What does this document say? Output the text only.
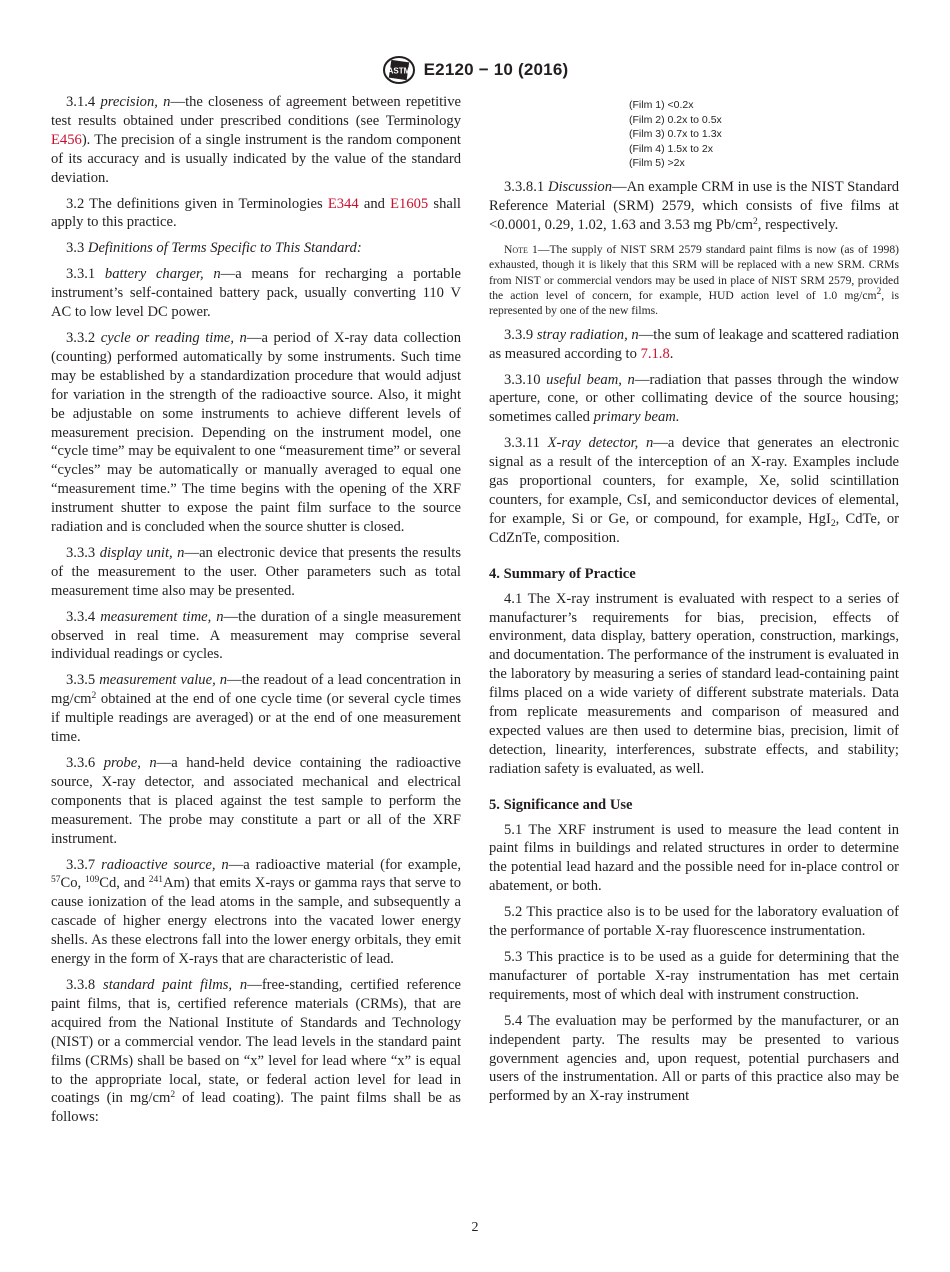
ASTM E2120 − 10 (2016)

3.1.4 precision, n—the closeness of agreement between repetitive test results obtained under prescribed conditions (see Terminology E456). The precision of a single instrument is the random component of its accuracy and is usually indicated by the value of the standard deviation.

3.2 The definitions given in Terminologies E344 and E1605 shall apply to this practice.

3.3 Definitions of Terms Specific to This Standard:

3.3.1 battery charger, n—a means for recharging a portable instrument’s self-contained battery pack, usually converting 110 V AC to low level DC power.

3.3.2 cycle or reading time, n—a period of X-ray data collection (counting) performed automatically by some instruments. Such time may be established by a standardization procedure that would adjust for variation in the strength of the radioactive source. Also, it might be adjustable on some instruments to achieve different levels of measurement precision. Depending on the instrument model, one “cycle time” may be equivalent to one “measurement time” or several “cycles” may be automatically or manually averaged to equal one “measurement time.” The time begins with the opening of the XRF instrument shutter to expose the paint film surface to the source radiation and is concluded when the source shutter is closed.

3.3.3 display unit, n—an electronic device that presents the results of the measurement to the user. Other parameters such as total measurement time also may be presented.

3.3.4 measurement time, n—the duration of a single measurement observed in real time. A measurement may comprise several individual readings or cycles.

3.3.5 measurement value, n—the readout of a lead concentration in $mg/cm^2$ obtained at the end of one cycle time (or several cycle times if multiple readings are averaged) or at the end of one measurement time.

3.3.6 probe, n—a hand-held device containing the radioactive source, X-ray detector, and associated mechanical and electrical components that is placed against the test sample to perform the measurement. The probe may constitute a part or all of the XRF instrument.

3.3.7 radioactive source, n—a radioactive material (for example, $^{57}$Co, $^{109}$Cd, and $^{241}$Am) that emits X-rays or gamma rays that serve to cause ionization of the lead atoms in the sample, and subsequently a cascade of higher energy electrons into the vacated lower energy shells. As these electrons fall into the lower energy orbitals, they emit energy in the form of X-rays that are characteristic of lead.

3.3.8 standard paint films, n—free-standing, certified reference paint films, that is, certified reference materials (CRMs), that are acquired from the National Institute of Standards and Technology (NIST) or a commercial vendor. The lead levels in the standard paint films (CRMs) shall be based on “x” level for lead where “x” is equal to the appropriate local, state, or federal action level for lead in coatings (in $mg/cm^2$ of lead coating). The paint films shall be as follows:

(Film 1) <0.2x
(Film 2) 0.2x to 0.5x
(Film 3) 0.7x to 1.3x
(Film 4) 1.5x to 2x
(Film 5) >2x

3.3.8.1 Discussion—An example CRM in use is the NIST Standard Reference Material (SRM) 2579, which consists of five films at <0.0001, 0.29, 1.02, 1.63 and 3.53 mg $Pb/cm^2$, respectively.

Note 1—The supply of NIST SRM 2579 standard paint films is now (as of 1998) exhausted, though it is likely that this SRM will be replaced with a new SRM. CRMs from NIST or commercial vendors may be used in place of NIST SRM 2579, provided the action level of concern, for example, HUD action level of 1.0 $mg/cm^2$, is represented by one of the new films.

3.3.9 stray radiation, n—the sum of leakage and scattered radiation as measured according to 7.1.8.

3.3.10 useful beam, n—radiation that passes through the window aperture, cone, or other collimating device of the source housing; sometimes called primary beam.

3.3.11 X-ray detector, n—a device that generates an electronic signal as a result of the interception of an X-ray. Examples include gas proportional counters, for example, Xe, solid scintillation counters, for example, CsI, and semiconductor devices of elemental, for example, Si or Ge, or compound, for example, HgI$_2$, CdTe, or CdZnTe, composition.

4. Summary of Practice

4.1 The X-ray instrument is evaluated with respect to a series of manufacturer’s requirements for bias, precision, effects of environment, data display, battery operation, construction, markings, and documentation. The performance of the instrument is evaluated in the laboratory by measuring a series of standard lead-containing paint films placed on a wide variety of different substrate materials. Data from replicate measurements and comparison of measured and expected values are then used to determine bias, precision, limit of detection, linearity, interferences, substrate effects, and stability; radiation safety is evaluated, as well.

5. Significance and Use

5.1 The XRF instrument is used to measure the lead content in paint films in buildings and related structures in order to determine the potential lead hazard and the possible need for in-place control or abatement, or both.

5.2 This practice also is to be used for the laboratory evaluation of the performance of portable X-ray fluorescence instrumentation.

5.3 This practice is to be used as a guide for determining that the manufacturer of portable X-ray instrumentation has met certain requirements, most of which deal with instrument construction.

5.4 The evaluation may be performed by the manufacturer, or an independent party. The results may be presented to various government agencies and, upon request, potential purchasers and users of the instrumentation. All or parts of this practice also may be performed by an X-ray instrument

2
